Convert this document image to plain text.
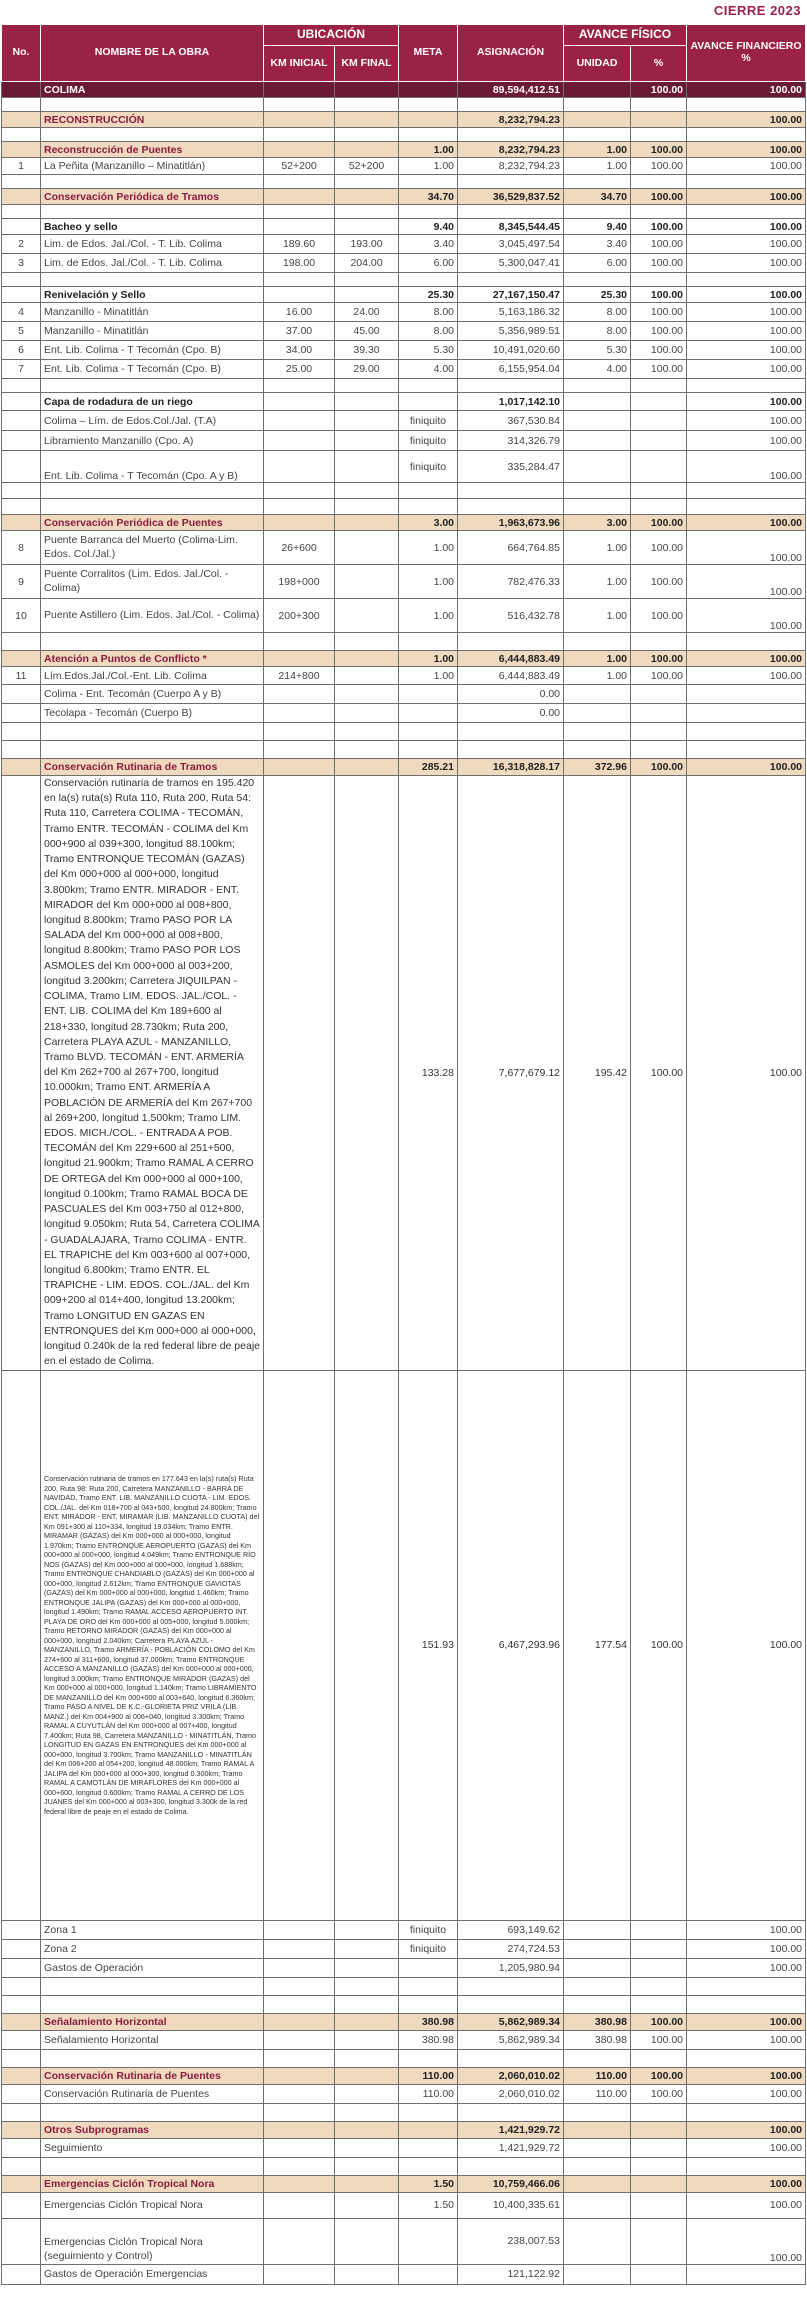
CIERRE 2023
No.	NOMBRE DE LA OBRA	UBICACIÓN		META	ASIGNACIÓN	AVANCE FÍSICO		AVANCE FINANCIERO %
		KM INICIAL	KM FINAL			UNIDAD	%	
	COLIMA				89,594,412.51		100.00	100.00

	RECONSTRUCCIÓN				8,232,794.23			100.00

	Reconstrucción de Puentes			1.00	8,232,794.23	1.00	100.00	100.00
1	La Peñita (Manzanillo – Minatitlán)	52+200	52+200	1.00	8,232,794.23	1.00	100.00	100.00

	Conservación Periódica de Tramos			34.70	36,529,837.52	34.70	100.00	100.00

	Bacheo y sello			9.40	8,345,544.45	9.40	100.00	100.00
2	Lim. de Edos. Jal./Col. - T. Lib. Colima	189.60	193.00	3.40	3,045,497.54	3.40	100.00	100.00
3	Lim. de Edos. Jal./Col. - T. Lib. Colima	198.00	204.00	6.00	5,300,047.41	6.00	100.00	100.00

	Renivelación y Sello			25.30	27,167,150.47	25.30	100.00	100.00
4	Manzanillo - Minatitlán	16.00	24.00	8.00	5,163,186.32	8.00	100.00	100.00
5	Manzanillo - Minatitlán	37.00	45.00	8.00	5,356,989.51	8.00	100.00	100.00
6	Ent. Lib. Colima - T Tecomán (Cpo. B)	34.00	39.30	5.30	10,491,020.60	5.30	100.00	100.00
7	Ent. Lib. Colima - T Tecomán (Cpo. B)	25.00	29.00	4.00	6,155,954.04	4.00	100.00	100.00

	Capa de rodadura de un riego				1,017,142.10			100.00
	Colima – Lím. de Edos.Col./Jal. (T.A)			finiquito	367,530.84			100.00
	Libramiento Manzanillo (Cpo. A)			finiquito	314,326.79			100.00
	Ent. Lib. Colima - T Tecomán (Cpo. A y B)			finiquito	335,284.47			100.00

	Conservación Periódica de Puentes			3.00	1,963,673.96	3.00	100.00	100.00
8	Puente Barranca del Muerto (Colima-Lim. Edos. Col./Jal.)	26+600		1.00	664,764.85	1.00	100.00	100.00
9	Puente Corralitos (Lim. Edos. Jal./Col. - Colima)	198+000		1.00	782,476.33	1.00	100.00	100.00
10	Puente Astillero (Lim. Edos. Jal./Col. - Colima)	200+300		1.00	516,432.78	1.00	100.00	100.00

	Atención a Puntos de Conflicto *			1.00	6,444,883.49	1.00	100.00	100.00
11	Lím.Edos.Jal./Col.-Ent. Lib. Colima	214+800		1.00	6,444,883.49	1.00	100.00	100.00
	Colima - Ent. Tecomán (Cuerpo A y B)				0.00			
	Tecolapa - Tecomán (Cuerpo B)				0.00			

	Conservación Rutinaria de Tramos			285.21	16,318,828.17	372.96	100.00	100.00
	Conservación rutinaria de tramos en 195.420 en la(s) ruta(s) Ruta 110, Ruta 200, Ruta 54: Ruta 110, Carretera COLIMA - TECOMÁN, Tramo ENTR. TECOMÁN - COLIMA del Km 000+900 al 039+300, longitud 88.100km; Tramo ENTRONQUE TECOMÁN (GAZAS) del Km 000+000 al 000+000, longitud 3.800km; Tramo ENTR. MIRADOR - ENT. MIRADOR del Km 000+000 al 008+800, longitud 8.800km; Tramo PASO POR LA SALADA del Km 000+000 al 008+800, longitud 8.800km; Tramo PASO POR LOS ASMOLES del Km 000+000 al 003+200, longitud 3.200km; Carretera JIQUILPAN - COLIMA, Tramo LIM. EDOS. JAL./COL. - ENT. LIB. COLIMA del Km 189+600 al 218+330, longitud 28.730km; Ruta 200, Carretera PLAYA AZUL - MANZANILLO, Tramo BLVD. TECOMÁN - ENT. ARMERÍA del Km 262+700 al 267+700, longitud 10.000km; Tramo ENT. ARMERÍA A POBLACIÓN DE ARMERÍA del Km 267+700 al 269+200, longitud 1.500km; Tramo LIM. EDOS. MICH./COL. - ENTRADA A POB. TECOMÁN del Km 229+600 al 251+500, longitud 21.900km; Tramo RAMAL A CERRO DE ORTEGA del Km 000+000 al 000+100, longitud 0.100km; Tramo RAMAL BOCA DE PASCUALES del Km 003+750 al 012+800, longitud 9.050km; Ruta 54, Carretera COLIMA - GUADALAJARA, Tramo COLIMA - ENTR. EL TRAPICHE del Km 003+600 al 007+000, longitud 6.800km; Tramo ENTR. EL TRAPICHE - LIM. EDOS. COL./JAL. del Km 009+200 al 014+400, longitud 13.200km; Tramo LONGITUD EN GAZAS EN ENTRONQUES del Km 000+000 al 000+000, longitud 0.240k de la red federal libre de peaje en el estado de Colima.			133.28	7,677,679.12	195.42	100.00	100.00
	Conservación rutinaria de tramos en 177.643 en la(s) ruta(s) Ruta 200, Ruta 98: Ruta 200, Carretera MANZANILLO - BARRA DE NAVIDAD, Tramo ENT. LIB. MANZANILLO CUOTA - LIM. EDOS. COL./JAL. del Km 018+700 al 043+500, longitud 24.800km; Tramo ENT. MIRADOR - ENT. MIRAMAR (LIB. MANZANILLO CUOTA) del Km 091+300 al 110+334, longitud 19.034km; Tramo ENTR. MIRAMAR (GAZAS) del Km 000+000 al 000+000, longitud 1.970km; Tramo ENTRONQUE AEROPUERTO (GAZAS) del Km 000+000 al 000+000, longitud 4.049km; Tramo ENTRONQUE RÍO NOS (GAZAS) del Km 000+000 al 000+000, longitud 1.688km; Tramo ENTRONQUE CHANDIABLO (GAZAS) del Km 000+000 al 000+000, longitud 2.612km; Tramo ENTRONQUE GAVIOTAS (GAZAS) del Km 000+000 al 000+000, longitud 1.460km; Tramo ENTRONQUE JALIPA (GAZAS) del Km 000+000 al 000+000, longitud 1.490km; Tramo RAMAL ACCESO AEROPUERTO INT. PLAYA DE ORO del Km 000+000 al 005+000, longitud 5.000km; Tramo RETORNO MIRADOR (GAZAS) del Km 000+000 al 000+000, longitud 2.040km; Carretera PLAYA AZUL - MANZANILLO, Tramo ARMERÍA - POBLACIÓN COLOMO del Km 274+600 al 311+600, longitud 37.000km; Tramo ENTRONQUE ACCESO A MANZANILLO (GAZAS) del Km 000+000 al 000+000, longitud 3.000km; Tramo ENTRONQUE MIRADOR (GAZAS) del Km 000+000 al 000+000, longitud 1.140km; Tramo LIBRAMIENTO DE MANZANILLO del Km 000+000 al 003+640, longitud 6.360km; Tramo PASO A NIVEL DE K.C.-GLORIETA PRIZ VRILA (LIB. MANZ.) del Km 004+900 al 006+040, longitud 3.300km; Tramo RAMAL A CUYUTLÁN del Km 000+000 al 007+400, longitud 7.400km; Ruta 98, Carretera MANZANILLO - MINATITLÁN, Tramo LONGITUD EN GAZAS EN ENTRONQUES del Km 000+000 al 000+000, longitud 3.700km; Tramo MANZANILLO - MINATITLÁN del Km 006+200 al 054+200, longitud 48.000km; Tramo RAMAL A JALIPA del Km 000+000 al 000+300, longitud 0.300km; Tramo RAMAL A CAMOTLÁN DE MIRAFLORES del Km 000+000 al 000+600, longitud 0.600km; Tramo RAMAL A CERRO DE LOS JUANES del Km 000+000 al 003+300, longitud 3.300k de la red federal libre de peaje en el estado de Colima.			151.93	6,467,293.96	177.54	100.00	100.00
	Zona 1			finiquito	693,149.62			100.00
	Zona 2			finiquito	274,724.53			100.00
	Gastos de Operación				1,205,980.94			100.00

	Señalamiento Horizontal			380.98	5,862,989.34	380.98	100.00	100.00
	Señalamiento Horizontal			380.98	5,862,989.34	380.98	100.00	100.00

	Conservación Rutinaria de Puentes			110.00	2,060,010.02	110.00	100.00	100.00
	Conservación Rutinaria de Puentes			110.00	2,060,010.02	110.00	100.00	100.00

	Otros Subprogramas				1,421,929.72			100.00
	Seguimiento				1,421,929.72			100.00

	Emergencias Ciclón Tropical Nora			1.50	10,759,466.06			100.00
	Emergencias Ciclón Tropical Nora			1.50	10,400,335.61			100.00
	Emergencias Ciclón Tropical Nora (seguimiento y Control)				238,007.53			100.00
	Gastos de Operación Emergencias				121,122.92			
